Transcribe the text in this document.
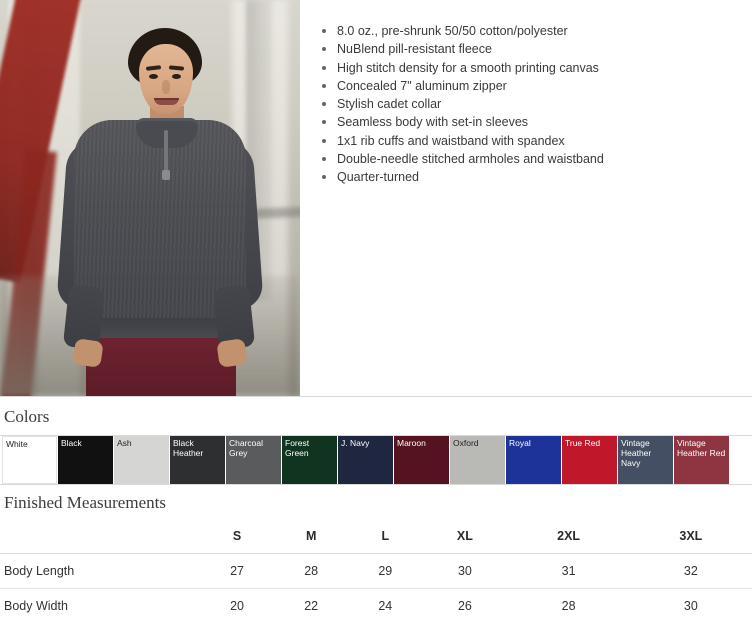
8.0 oz., pre-shrunk 50/50 cotton/polyester
NuBlend pill-resistant fleece
High stitch density for a smooth printing canvas
Concealed 7" aluminum zipper
Stylish cadet collar
Seamless body with set-in sleeves
1x1 rib cuffs and waistband with spandex
Double-needle stitched armholes and waistband
Quarter-turned
Colors
White	Black	Ash	Black Heather
Charcoal Grey
Forest Green
J. Navy	Maroon	Oxford	Royal	True Red	Vintage Heather Navy
Vintage Heather Red
Finished Measurements
	S	M	L	XL	2XL	3XL
Body Length	27	28	29	30	31	32
Body Width	20	22	24	26	28	30
